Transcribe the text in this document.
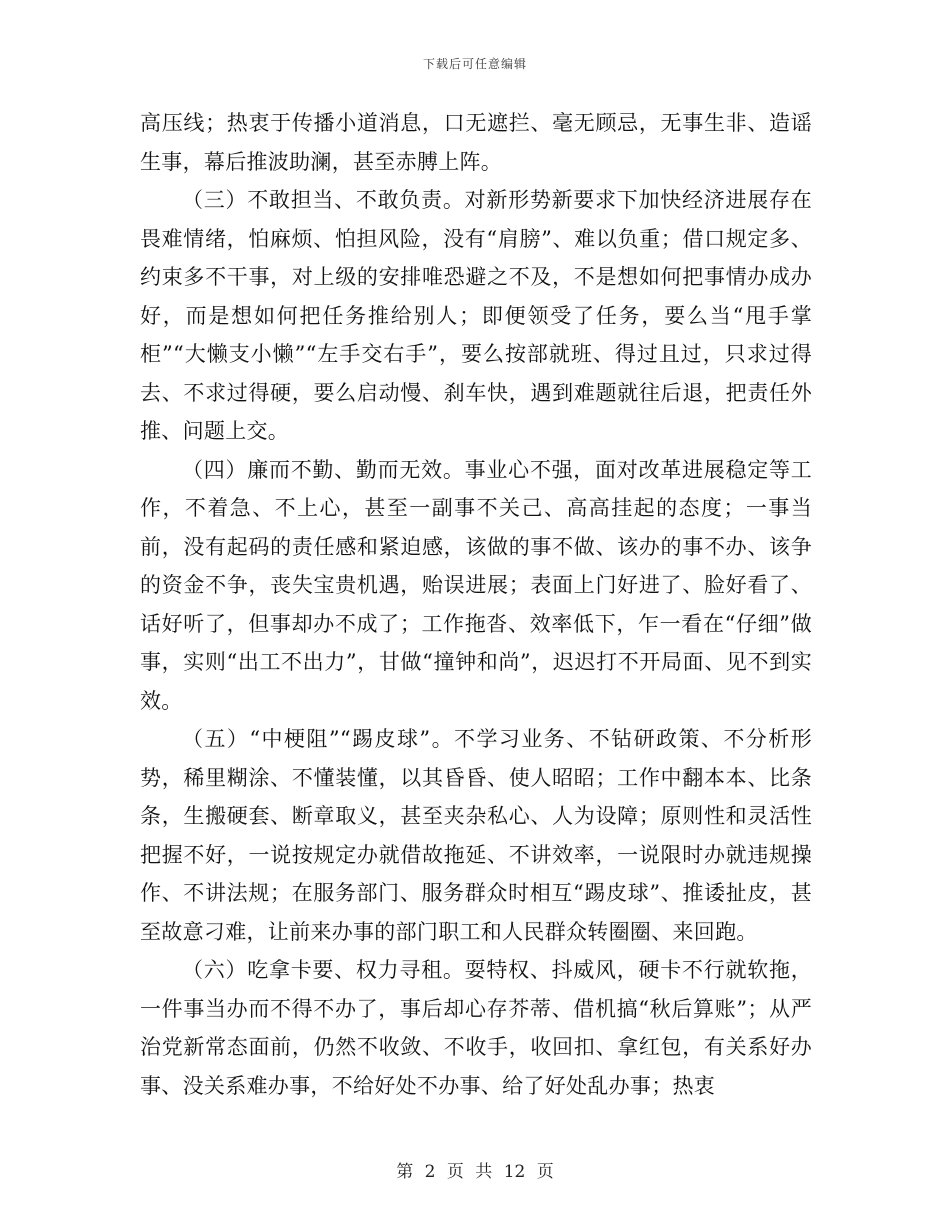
下载后可任意编辑

高压线；热衷于传播小道消息，口无遮拦、毫无顾忌，无事生非、造谣生事，幕后推波助澜，甚至赤膊上阵。

（三）不敢担当、不敢负责。对新形势新要求下加快经济进展存在畏难情绪，怕麻烦、怕担风险，没有“肩膀”、难以负重；借口规定多、约束多不干事，对上级的安排唯恐避之不及，不是想如何把事情办成办好，而是想如何把任务推给别人；即便领受了任务，要么当“甩手掌柜”“大懒支小懒”“左手交右手”，要么按部就班、得过且过，只求过得去、不求过得硬，要么启动慢、刹车快，遇到难题就往后退，把责任外推、问题上交。

（四）廉而不勤、勤而无效。事业心不强，面对改革进展稳定等工作，不着急、不上心，甚至一副事不关己、高高挂起的态度；一事当前，没有起码的责任感和紧迫感，该做的事不做、该办的事不办、该争的资金不争，丧失宝贵机遇，贻误进展；表面上门好进了、脸好看了、话好听了，但事却办不成了；工作拖沓、效率低下，乍一看在“仔细”做事，实则“出工不出力”，甘做“撞钟和尚”，迟迟打不开局面、见不到实效。

（五）“中梗阻”“踢皮球”。不学习业务、不钻研政策、不分析形势，稀里糊涂、不懂装懂，以其昏昏、使人昭昭；工作中翻本本、比条条，生搬硬套、断章取义，甚至夹杂私心、人为设障；原则性和灵活性把握不好，一说按规定办就借故拖延、不讲效率，一说限时办就违规操作、不讲法规；在服务部门、服务群众时相互“踢皮球”、推诿扯皮，甚至故意刁难，让前来办事的部门职工和人民群众转圈圈、来回跑。

（六）吃拿卡要、权力寻租。耍特权、抖威风，硬卡不行就软拖，一件事当办而不得不办了，事后却心存芥蒂、借机搞“秋后算账”；从严治党新常态面前，仍然不收敛、不收手，收回扣、拿红包，有关系好办事、没关系难办事，不给好处不办事、给了好处乱办事；热衷

第 2 页 共 12 页
